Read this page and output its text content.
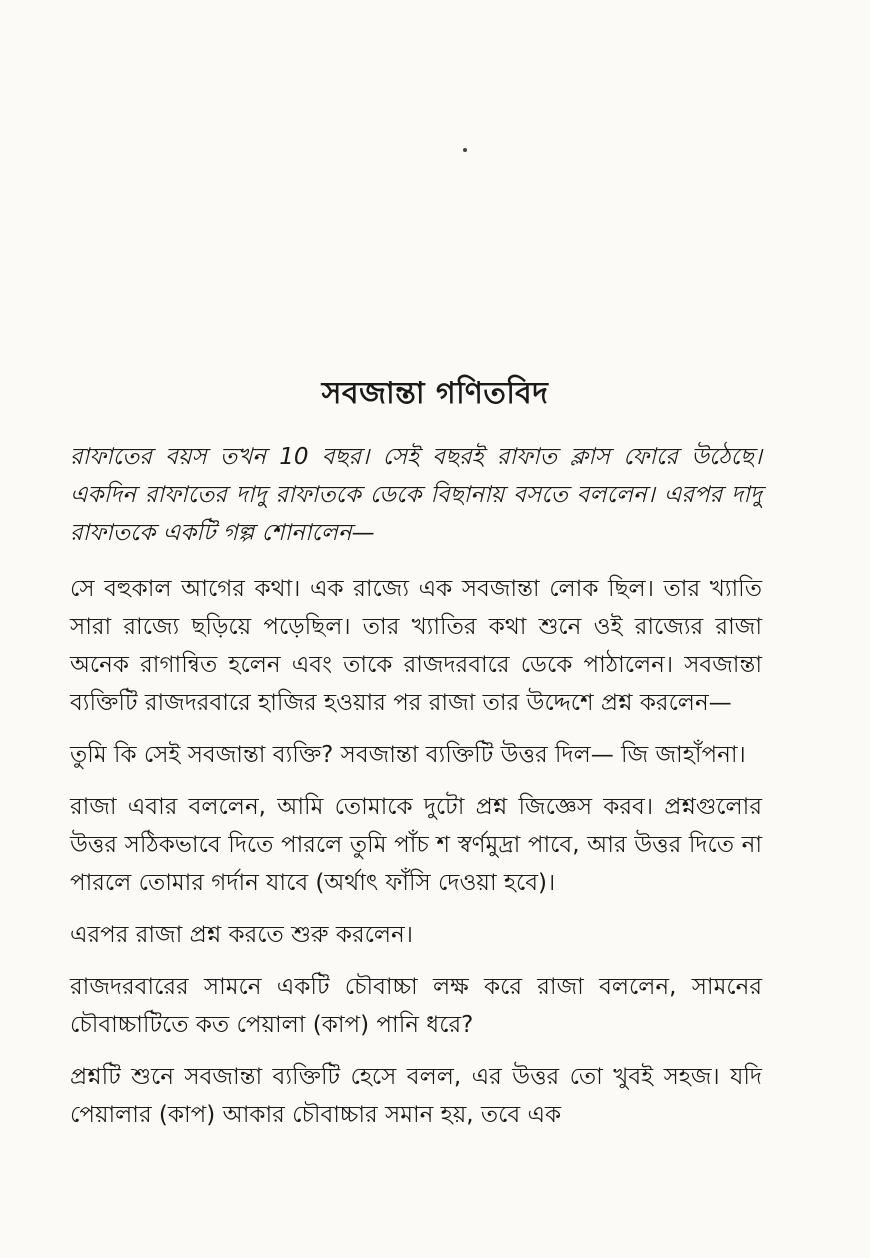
সবজান্তা গণিতবিদ

রাফাতের বয়স তখন 10 বছর। সেই বছরই রাফাত ক্লাস ফোরে উঠেছে। একদিন রাফাতের দাদু রাফাতকে ডেকে বিছানায় বসতে বললেন। এরপর দাদু রাফাতকে একটি গল্প শোনালেন—

সে বহুকাল আগের কথা। এক রাজ্যে এক সবজান্তা লোক ছিল। তার খ্যাতি সারা রাজ্যে ছড়িয়ে পড়েছিল। তার খ্যাতির কথা শুনে ওই রাজ্যের রাজা অনেক রাগান্বিত হলেন এবং তাকে রাজদরবারে ডেকে পাঠালেন। সবজান্তা ব্যক্তিটি রাজদরবারে হাজির হওয়ার পর রাজা তার উদ্দেশে প্রশ্ন করলেন—

তুমি কি সেই সবজান্তা ব্যক্তি? সবজান্তা ব্যক্তিটি উত্তর দিল— জি জাহাঁপনা।

রাজা এবার বললেন, আমি তোমাকে দুটো প্রশ্ন জিজ্ঞেস করব। প্রশ্নগুলোর উত্তর সঠিকভাবে দিতে পারলে তুমি পাঁচ শ স্বর্ণমুদ্রা পাবে, আর উত্তর দিতে না পারলে তোমার গর্দান যাবে (অর্থাৎ ফাঁসি দেওয়া হবে)।

এরপর রাজা প্রশ্ন করতে শুরু করলেন।

রাজদরবারের সামনে একটি চৌবাচ্চা লক্ষ করে রাজা বললেন, সামনের চৌবাচ্চাটিতে কত পেয়ালা (কাপ) পানি ধরে?

প্রশ্নটি শুনে সবজান্তা ব্যক্তিটি হেসে বলল, এর উত্তর তো খুবই সহজ। যদি পেয়ালার (কাপ) আকার চৌবাচ্চার সমান হয়, তবে এক
